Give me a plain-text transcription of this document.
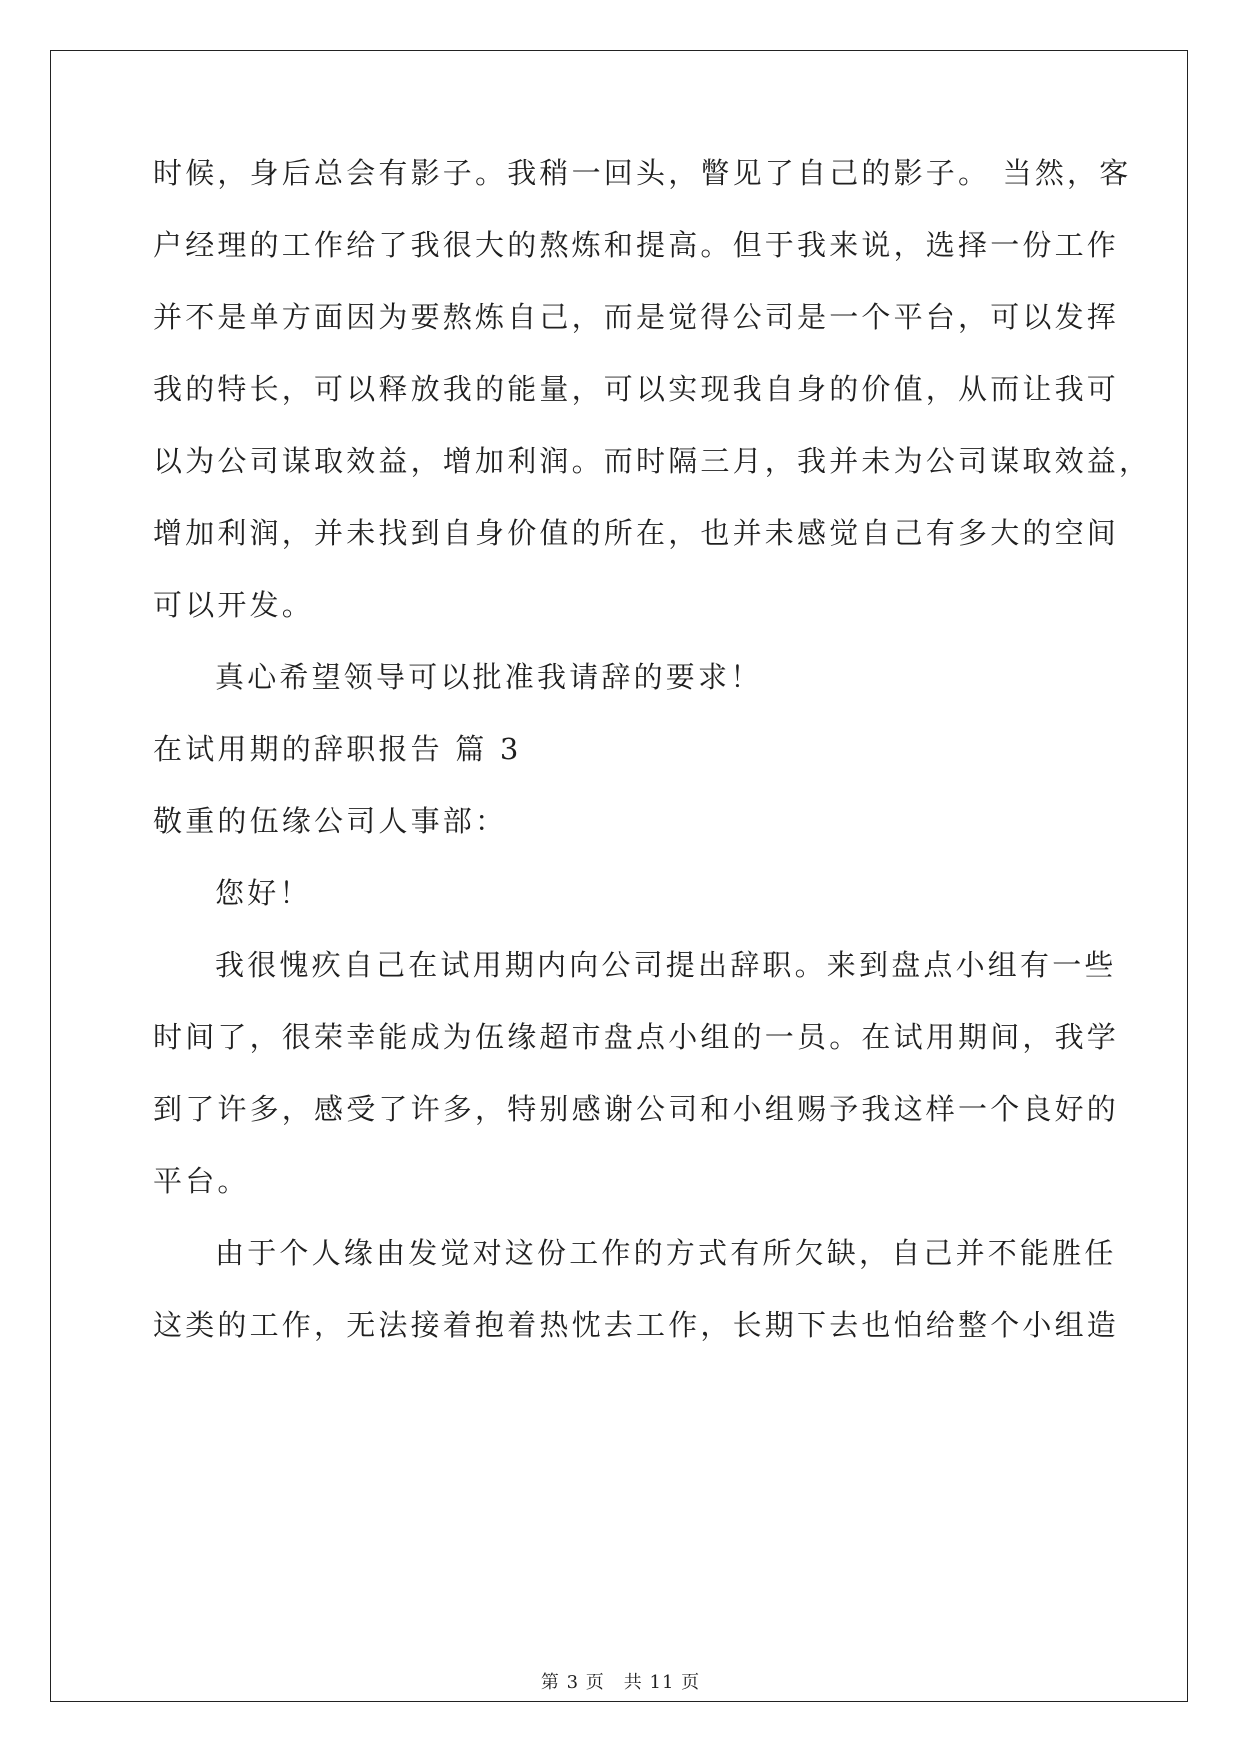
时候，身后总会有影子。我稍一回头，瞥见了自己的影子。 当然，客
户经理的工作给了我很大的熬炼和提高。但于我来说，选择一份工作
并不是单方面因为要熬炼自己，而是觉得公司是一个平台，可以发挥
我的特长，可以释放我的能量，可以实现我自身的价值，从而让我可
以为公司谋取效益，增加利润。而时隔三月，我并未为公司谋取效益，
增加利润，并未找到自身价值的所在，也并未感觉自己有多大的空间
可以开发。
真心希望领导可以批准我请辞的要求！
在试用期的辞职报告 篇 3
敬重的伍缘公司人事部：
您好！
我很愧疚自己在试用期内向公司提出辞职。来到盘点小组有一些
时间了，很荣幸能成为伍缘超市盘点小组的一员。在试用期间，我学
到了许多，感受了许多，特别感谢公司和小组赐予我这样一个良好的
平台。
由于个人缘由发觉对这份工作的方式有所欠缺，自己并不能胜任
这类的工作，无法接着抱着热忱去工作，长期下去也怕给整个小组造
第 3 页　共 11 页
